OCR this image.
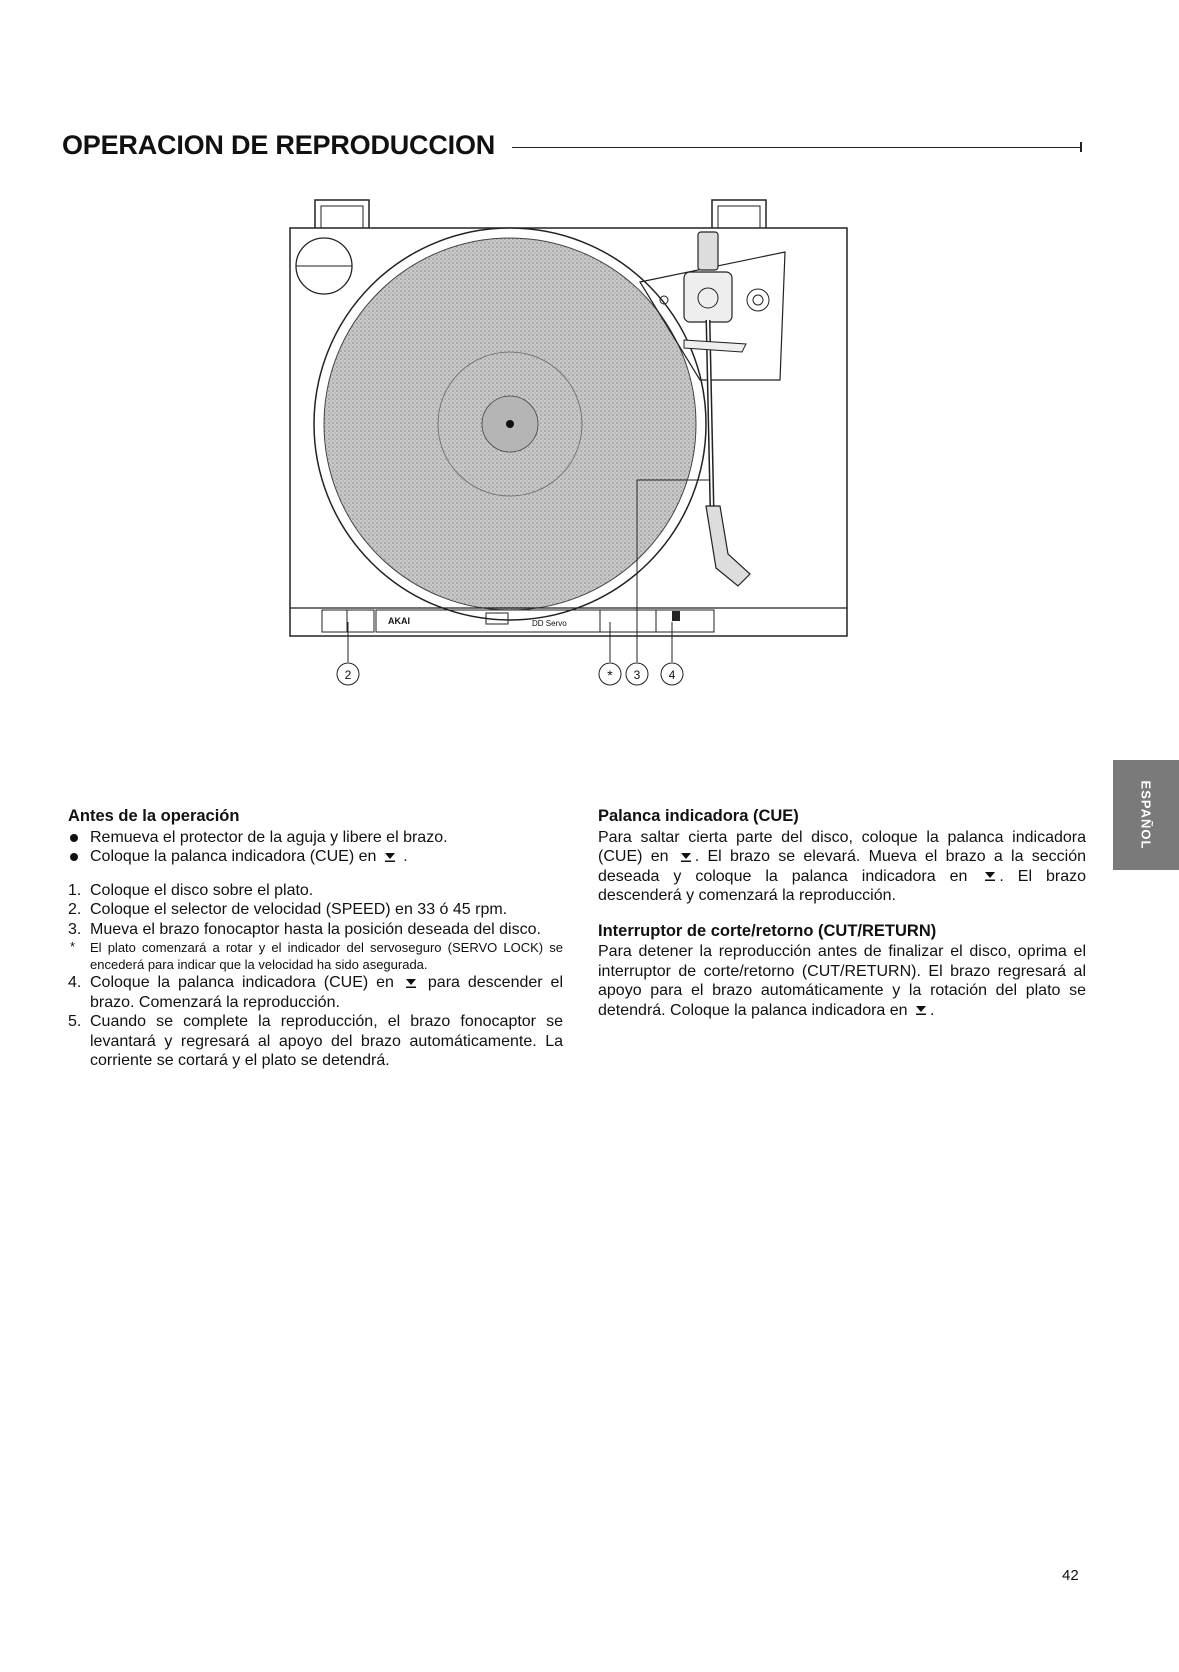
OPERACION DE REPRODUCCION
AKAI	DD Servo
2	* 3 4
Antes de la operación
Remueva el protector de la aguja y libere el brazo.
Coloque la palanca indicadora (CUE) en .
1. Coloque el disco sobre el plato.
2. Coloque el selector de velocidad (SPEED) en 33 ó 45 rpm.
3. Mueva el brazo fonocaptor hasta la posición deseada del disco.
* El plato comenzará a rotar y el indicador del servoseguro (SERVO LOCK) se encederá para indicar que la velocidad ha sido asegurada.
4. Coloque la palanca indicadora (CUE) en para descender el brazo. Comenzará la reproducción.
5. Cuando se complete la reproducción, el brazo fonocaptor se levantará y regresará al apoyo del brazo automáticamente. La corriente se cortará y el plato se detendrá.
Palanca indicadora (CUE)

Para saltar cierta parte del disco, coloque la palanca indicadora (CUE) en . El brazo se elevará. Mueva el brazo a la sección deseada y coloque la palanca indicadora en . El brazo descenderá y comenzará la reproducción.

Interruptor de corte/retorno (CUT/RETURN)

Para detener la reproducción antes de finalizar el disco, oprima el interruptor de corte/retorno (CUT/RETURN). El brazo regresará al apoyo para el brazo automáticamente y la rotación del plato se detendrá. Coloque la palanca indicadora en .

ESPAÑOL
42
